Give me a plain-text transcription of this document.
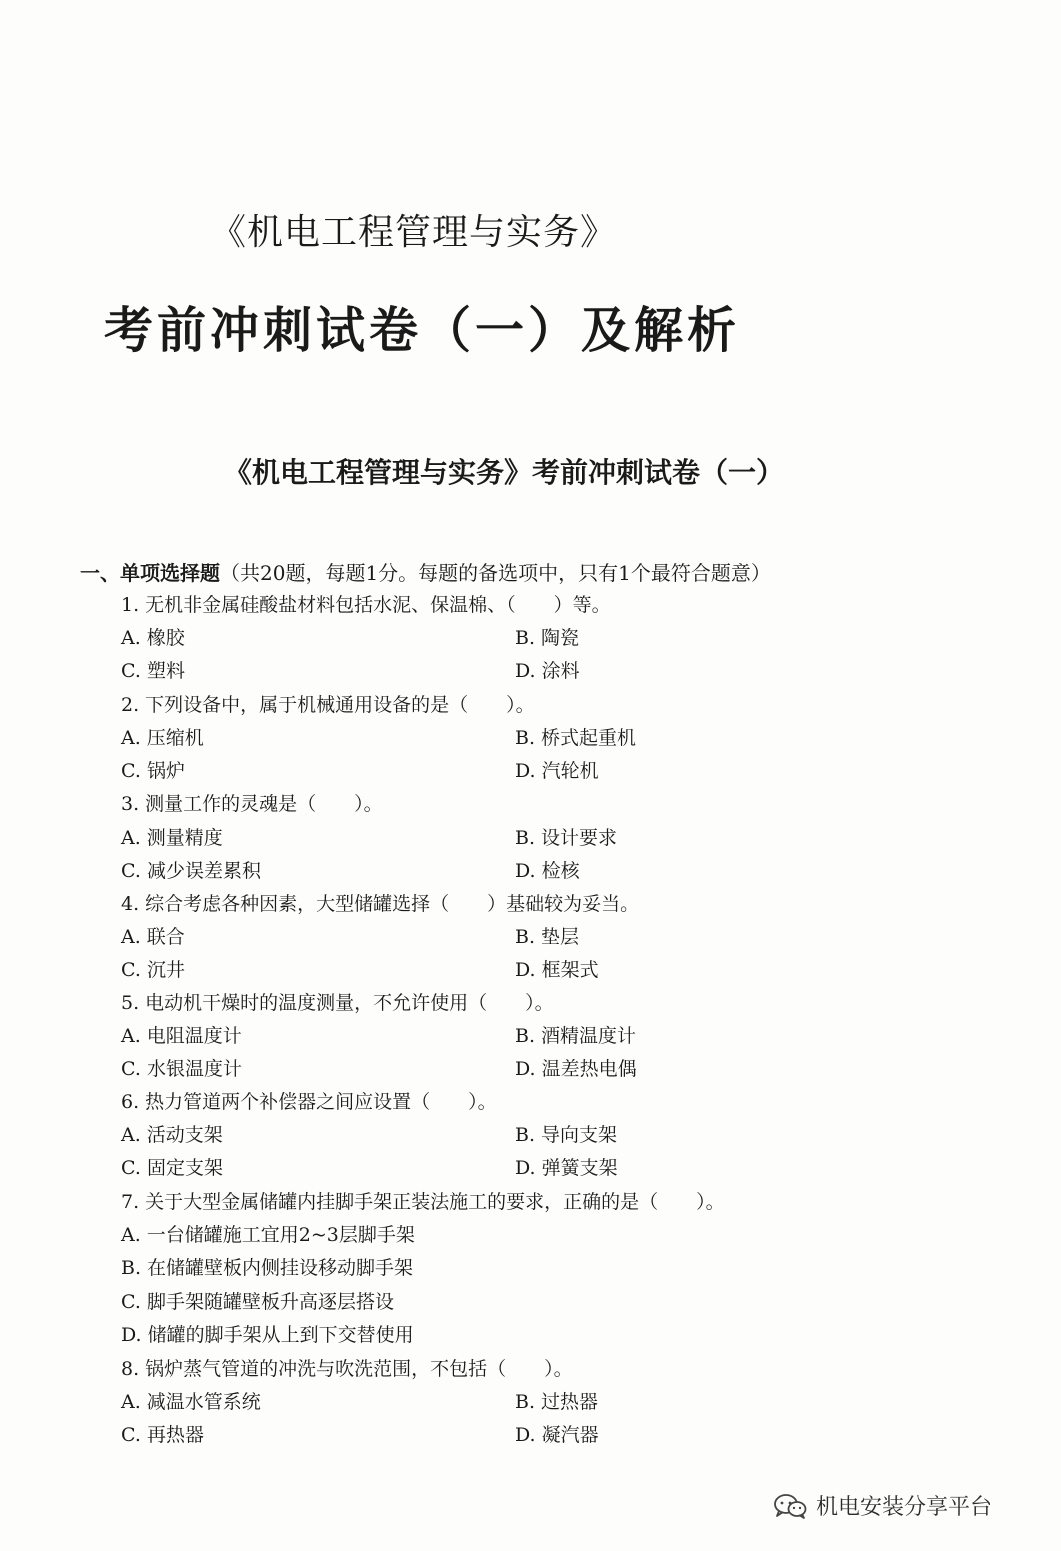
《机电工程管理与实务》
考前冲刺试卷（一）及解析
《机电工程管理与实务》考前冲刺试卷（一）
一、单项选择题（共20题，每题1分。每题的备选项中，只有1个最符合题意）
1. 无机非金属硅酸盐材料包括水泥、保温棉、（　　）等。
A. 橡胶	B. 陶瓷
C. 塑料	D. 涂料
2. 下列设备中，属于机械通用设备的是（　　）。
A. 压缩机	B. 桥式起重机
C. 锅炉	D. 汽轮机
3. 测量工作的灵魂是（　　）。
A. 测量精度	B. 设计要求
C. 减少误差累积	D. 检核
4. 综合考虑各种因素，大型储罐选择（　　）基础较为妥当。
A. 联合	B. 垫层
C. 沉井	D. 框架式
5. 电动机干燥时的温度测量，不允许使用（　　）。
A. 电阻温度计	B. 酒精温度计
C. 水银温度计	D. 温差热电偶
6. 热力管道两个补偿器之间应设置（　　）。
A. 活动支架	B. 导向支架
C. 固定支架	D. 弹簧支架
7. 关于大型金属储罐内挂脚手架正装法施工的要求，正确的是（　　）。
A. 一台储罐施工宜用2~3层脚手架
B. 在储罐壁板内侧挂设移动脚手架
C. 脚手架随罐壁板升高逐层搭设
D. 储罐的脚手架从上到下交替使用
8. 锅炉蒸气管道的冲洗与吹洗范围，不包括（　　）。
A. 减温水管系统	B. 过热器
C. 再热器	D. 凝汽器
机电安装分享平台
